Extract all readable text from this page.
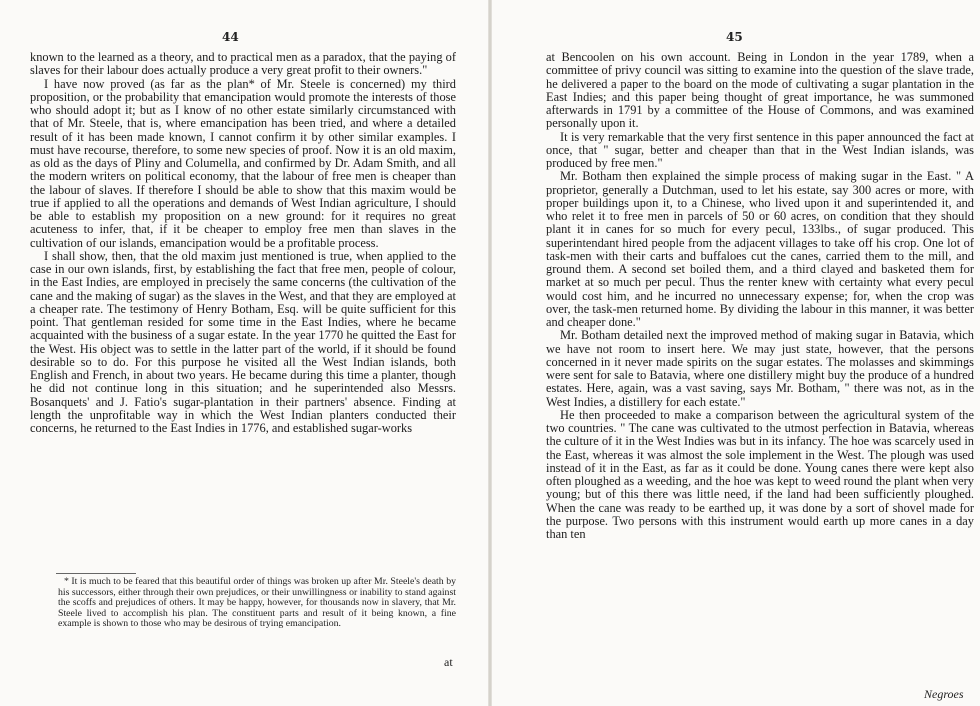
44

known to the learned as a theory, and to practical men as a paradox, that the paying of slaves for their labour does actually produce a very great profit to their owners."

I have now proved (as far as the plan* of Mr. Steele is concerned) my third proposition, or the probability that emancipation would promote the interests of those who should adopt it; but as I know of no other estate similarly circumstanced with that of Mr. Steele, that is, where emancipation has been tried, and where a detailed result of it has been made known, I cannot confirm it by other similar examples. I must have recourse, therefore, to some new species of proof. Now it is an old maxim, as old as the days of Pliny and Columella, and confirmed by Dr. Adam Smith, and all the modern writers on political economy, that the labour of free men is cheaper than the labour of slaves. If therefore I should be able to show that this maxim would be true if applied to all the operations and demands of West Indian agriculture, I should be able to establish my proposition on a new ground: for it requires no great acuteness to infer, that, if it be cheaper to employ free men than slaves in the cultivation of our islands, emancipation would be a profitable process.

I shall show, then, that the old maxim just mentioned is true, when applied to the case in our own islands, first, by establishing the fact that free men, people of colour, in the East Indies, are employed in precisely the same concerns (the cultivation of the cane and the making of sugar) as the slaves in the West, and that they are employed at a cheaper rate. The testimony of Henry Botham, Esq. will be quite sufficient for this point. That gentleman resided for some time in the East Indies, where he became acquainted with the business of a sugar estate. In the year 1770 he quitted the East for the West. His object was to settle in the latter part of the world, if it should be found desirable so to do. For this purpose he visited all the West Indian islands, both English and French, in about two years. He became during this time a planter, though he did not continue long in this situation; and he superintended also Messrs. Bosanquets' and J. Fatio's sugar-plantation in their partners' absence. Finding at length the unprofitable way in which the West Indian planters conducted their concerns, he returned to the East Indies in 1776, and established sugar-works

* It is much to be feared that this beautiful order of things was broken up after Mr. Steele's death by his successors, either through their own prejudices, or their unwillingness or inability to stand against the scoffs and prejudices of others. It may be happy, however, for thousands now in slavery, that Mr. Steele lived to accomplish his plan. The constituent parts and result of it being known, a fine example is shown to those who may be desirous of trying emancipation.

at
45

at Bencoolen on his own account. Being in London in the year 1789, when a committee of privy council was sitting to examine into the question of the slave trade, he delivered a paper to the board on the mode of cultivating a sugar plantation in the East Indies; and this paper being thought of great importance, he was summoned afterwards in 1791 by a committee of the House of Commons, and was examined personally upon it.

It is very remarkable that the very first sentence in this paper announced the fact at once, that " sugar, better and cheaper than that in the West Indian islands, was produced by free men."

Mr. Botham then explained the simple process of making sugar in the East. " A proprietor, generally a Dutchman, used to let his estate, say 300 acres or more, with proper buildings upon it, to a Chinese, who lived upon it and superintended it, and who relet it to free men in parcels of 50 or 60 acres, on condition that they should plant it in canes for so much for every pecul, 133lbs., of sugar produced. This superintendant hired people from the adjacent villages to take off his crop. One lot of task-men with their carts and buffaloes cut the canes, carried them to the mill, and ground them. A second set boiled them, and a third clayed and basketed them for market at so much per pecul. Thus the renter knew with certainty what every pecul would cost him, and he incurred no unnecessary expense; for, when the crop was over, the task-men returned home. By dividing the labour in this manner, it was better and cheaper done."

Mr. Botham detailed next the improved method of making sugar in Batavia, which we have not room to insert here. We may just state, however, that the persons concerned in it never made spirits on the sugar estates. The molasses and skimmings were sent for sale to Batavia, where one distillery might buy the produce of a hundred estates. Here, again, was a vast saving, says Mr. Botham, " there was not, as in the West Indies, a distillery for each estate."

He then proceeded to make a comparison between the agricultural system of the two countries. " The cane was cultivated to the utmost perfection in Batavia, whereas the culture of it in the West Indies was but in its infancy. The hoe was scarcely used in the East, whereas it was almost the sole implement in the West. The plough was used instead of it in the East, as far as it could be done. Young canes there were kept also often ploughed as a weeding, and the hoe was kept to weed round the plant when very young; but of this there was little need, if the land had been sufficiently ploughed. When the cane was ready to be earthed up, it was done by a sort of shovel made for the purpose. Two persons with this instrument would earth up more canes in a day than ten

Negroes
